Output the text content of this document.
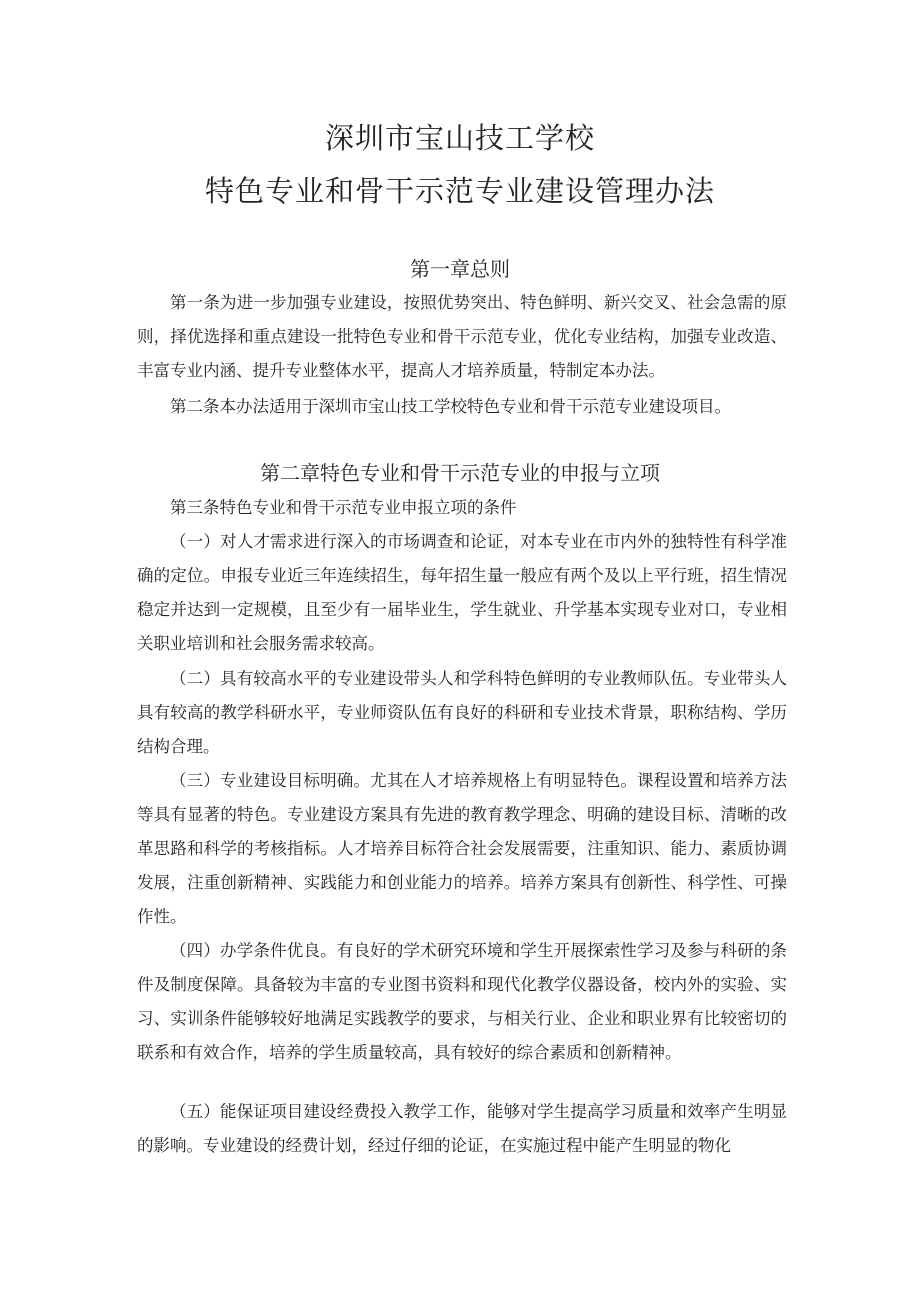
深圳市宝山技工学校
特色专业和骨干示范专业建设管理办法
第一章总则

第一条为进一步加强专业建设，按照优势突出、特色鲜明、新兴交叉、社会急需的原则，择优选择和重点建设一批特色专业和骨干示范专业，优化专业结构，加强专业改造、丰富专业内涵、提升专业整体水平，提高人才培养质量，特制定本办法。

第二条本办法适用于深圳市宝山技工学校特色专业和骨干示范专业建设项目。

第二章特色专业和骨干示范专业的申报与立项

第三条特色专业和骨干示范专业申报立项的条件

（一）对人才需求进行深入的市场调查和论证，对本专业在市内外的独特性有科学准确的定位。申报专业近三年连续招生，每年招生量一般应有两个及以上平行班，招生情况稳定并达到一定规模，且至少有一届毕业生，学生就业、升学基本实现专业对口，专业相关职业培训和社会服务需求较高。

（二）具有较高水平的专业建设带头人和学科特色鲜明的专业教师队伍。专业带头人具有较高的教学科研水平，专业师资队伍有良好的科研和专业技术背景，职称结构、学历结构合理。

（三）专业建设目标明确。尤其在人才培养规格上有明显特色。课程设置和培养方法等具有显著的特色。专业建设方案具有先进的教育教学理念、明确的建设目标、清晰的改革思路和科学的考核指标。人才培养目标符合社会发展需要，注重知识、能力、素质协调发展，注重创新精神、实践能力和创业能力的培养。培养方案具有创新性、科学性、可操作性。

（四）办学条件优良。有良好的学术研究环境和学生开展探索性学习及参与科研的条件及制度保障。具备较为丰富的专业图书资料和现代化教学仪器设备，校内外的实验、实习、实训条件能够较好地满足实践教学的要求，与相关行业、企业和职业界有比较密切的联系和有效合作，培养的学生质量较高，具有较好的综合素质和创新精神。

（五）能保证项目建设经费投入教学工作，能够对学生提高学习质量和效率产生明显的影响。专业建设的经费计划，经过仔细的论证，在实施过程中能产生明显的物化
